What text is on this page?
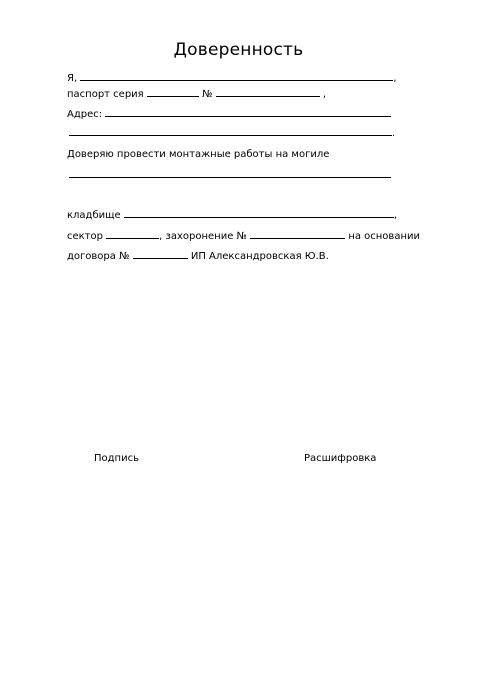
Доверенность
Я,	,
паспорт серия	№	,
Адрес:
.
Доверяю провести монтажные работы на могиле
кладбище	,
сектор	, захоронение №	на основании
договора №	ИП Александровская Ю.В.
Подпись	Расшифровка
